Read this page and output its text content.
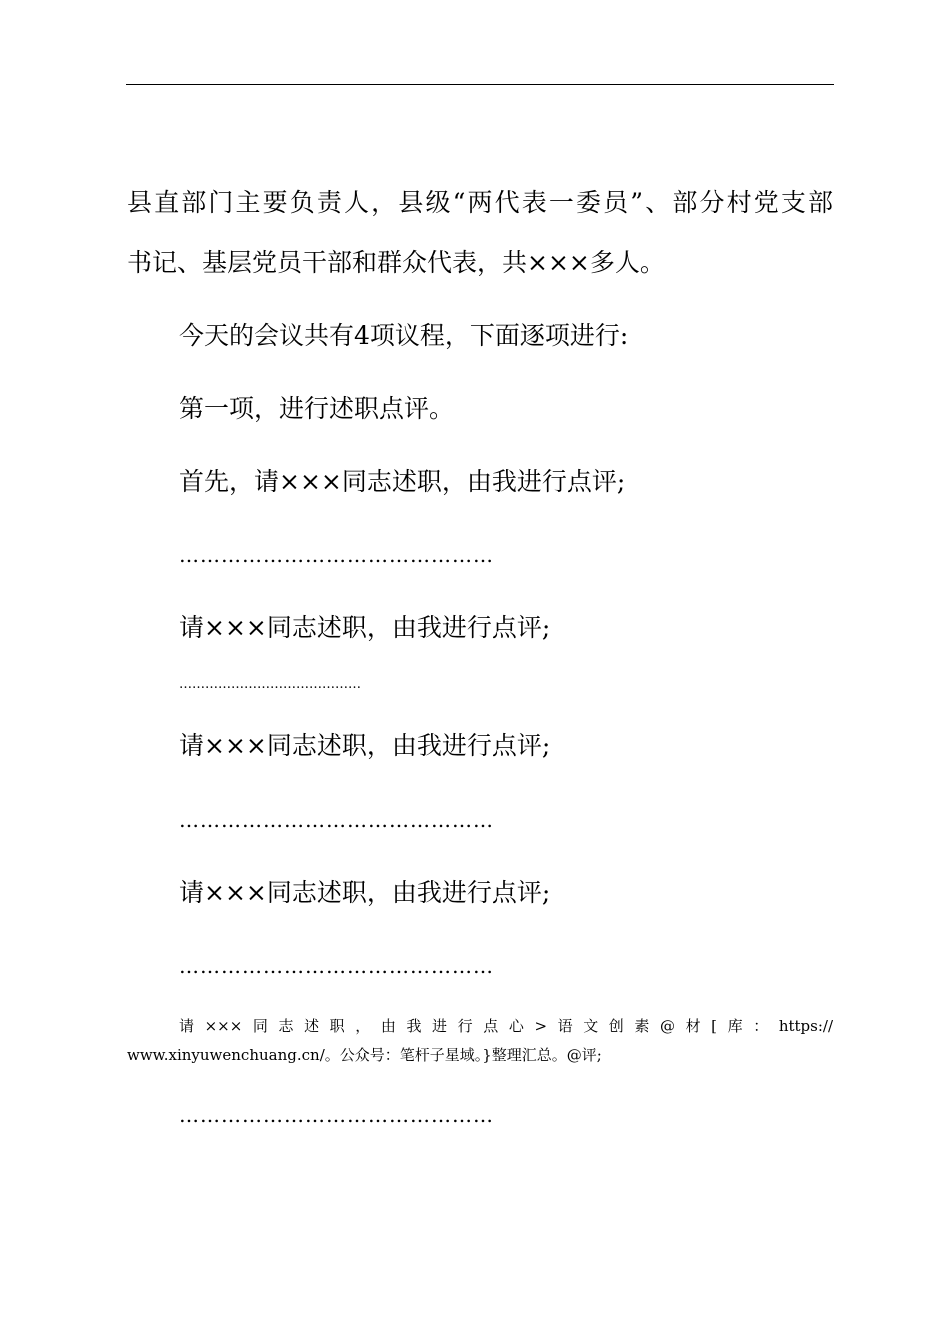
县直部门主要负责人，县级“两代表一委员”、部分村党支部

书记、基层党员干部和群众代表，共×××多人。

今天的会议共有4项议程，下面逐项进行:

第一项，进行述职点评。

首先，请×××同志述职，由我进行点评;

………………………………………

请×××同志述职，由我进行点评;

……………………………………

请×××同志述职，由我进行点评;

………………………………………

请×××同志述职，由我进行点评;

………………………………………

请×××同志述职，由我进行点心>语文创素@材[库：https://

www.xinyuwenchuang.cn/。公众号：笔杆子星域。}整理汇总。@评;

………………………………………
